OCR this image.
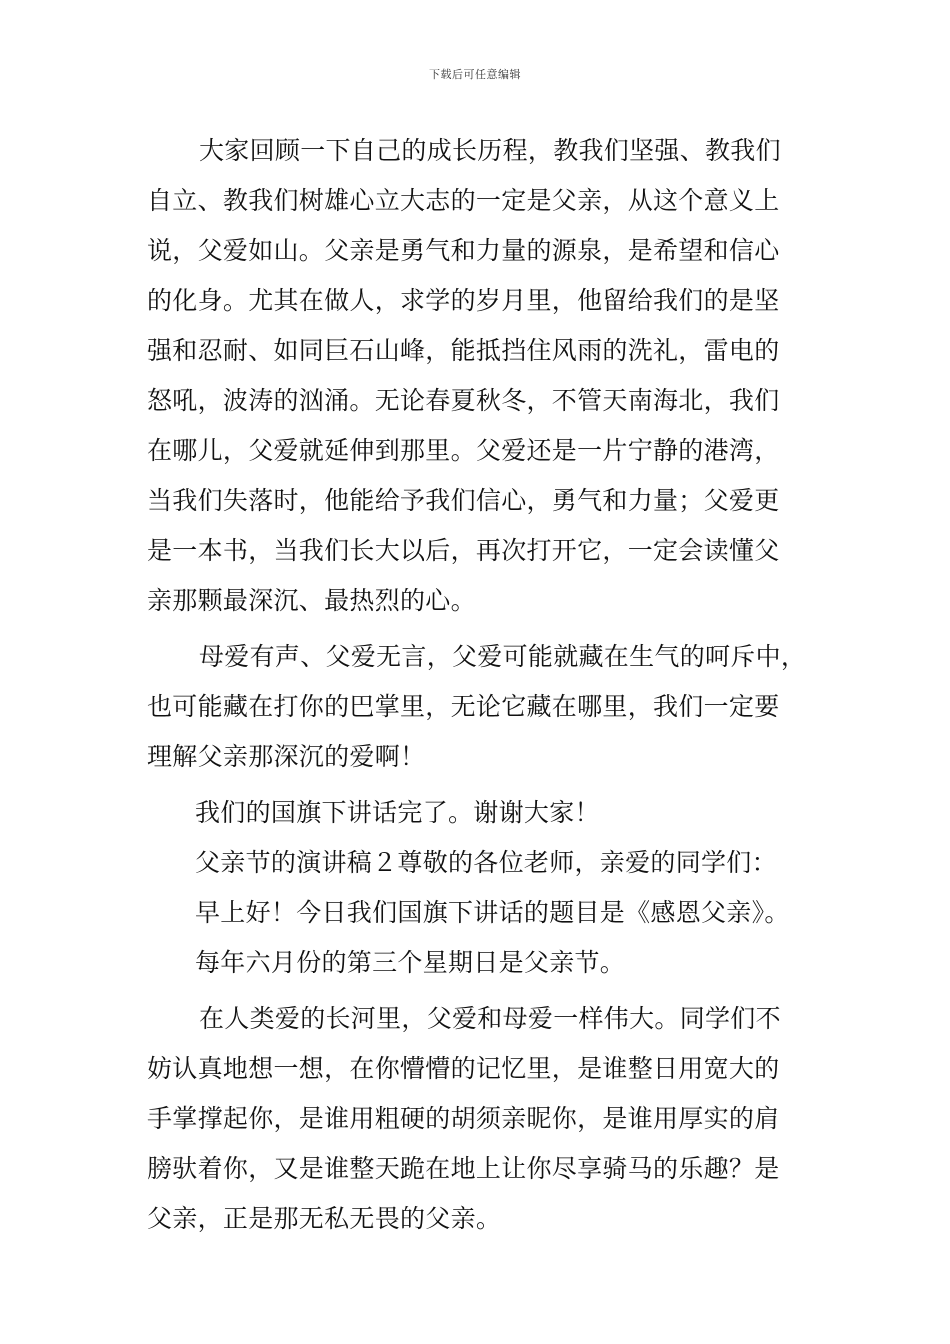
下载后可任意编辑
大家回顾一下自己的成长历程，教我们坚强、教我们
自立、教我们树雄心立大志的一定是父亲，从这个意义上
说，父爱如山。父亲是勇气和力量的源泉，是希望和信心
的化身。尤其在做人，求学的岁月里，他留给我们的是坚
强和忍耐、如同巨石山峰，能抵挡住风雨的洗礼，雷电的
怒吼，波涛的汹涌。无论春夏秋冬，不管天南海北，我们
在哪儿，父爱就延伸到那里。父爱还是一片宁静的港湾，
当我们失落时，他能给予我们信心，勇气和力量；父爱更
是一本书，当我们长大以后，再次打开它，一定会读懂父
亲那颗最深沉、最热烈的心。
母爱有声、父爱无言，父爱可能就藏在生气的呵斥中，
也可能藏在打你的巴掌里，无论它藏在哪里，我们一定要
理解父亲那深沉的爱啊！
我们的国旗下讲话完了。谢谢大家！
父亲节的演讲稿２尊敬的各位老师，亲爱的同学们：
早上好！今日我们国旗下讲话的题目是《感恩父亲》。
每年六月份的第三个星期日是父亲节。
在人类爱的长河里，父爱和母爱一样伟大。同学们不
妨认真地想一想，在你懵懵的记忆里，是谁整日用宽大的
手掌撑起你，是谁用粗硬的胡须亲昵你，是谁用厚实的肩
膀驮着你，又是谁整天跪在地上让你尽享骑马的乐趣？是
父亲，正是那无私无畏的父亲。
